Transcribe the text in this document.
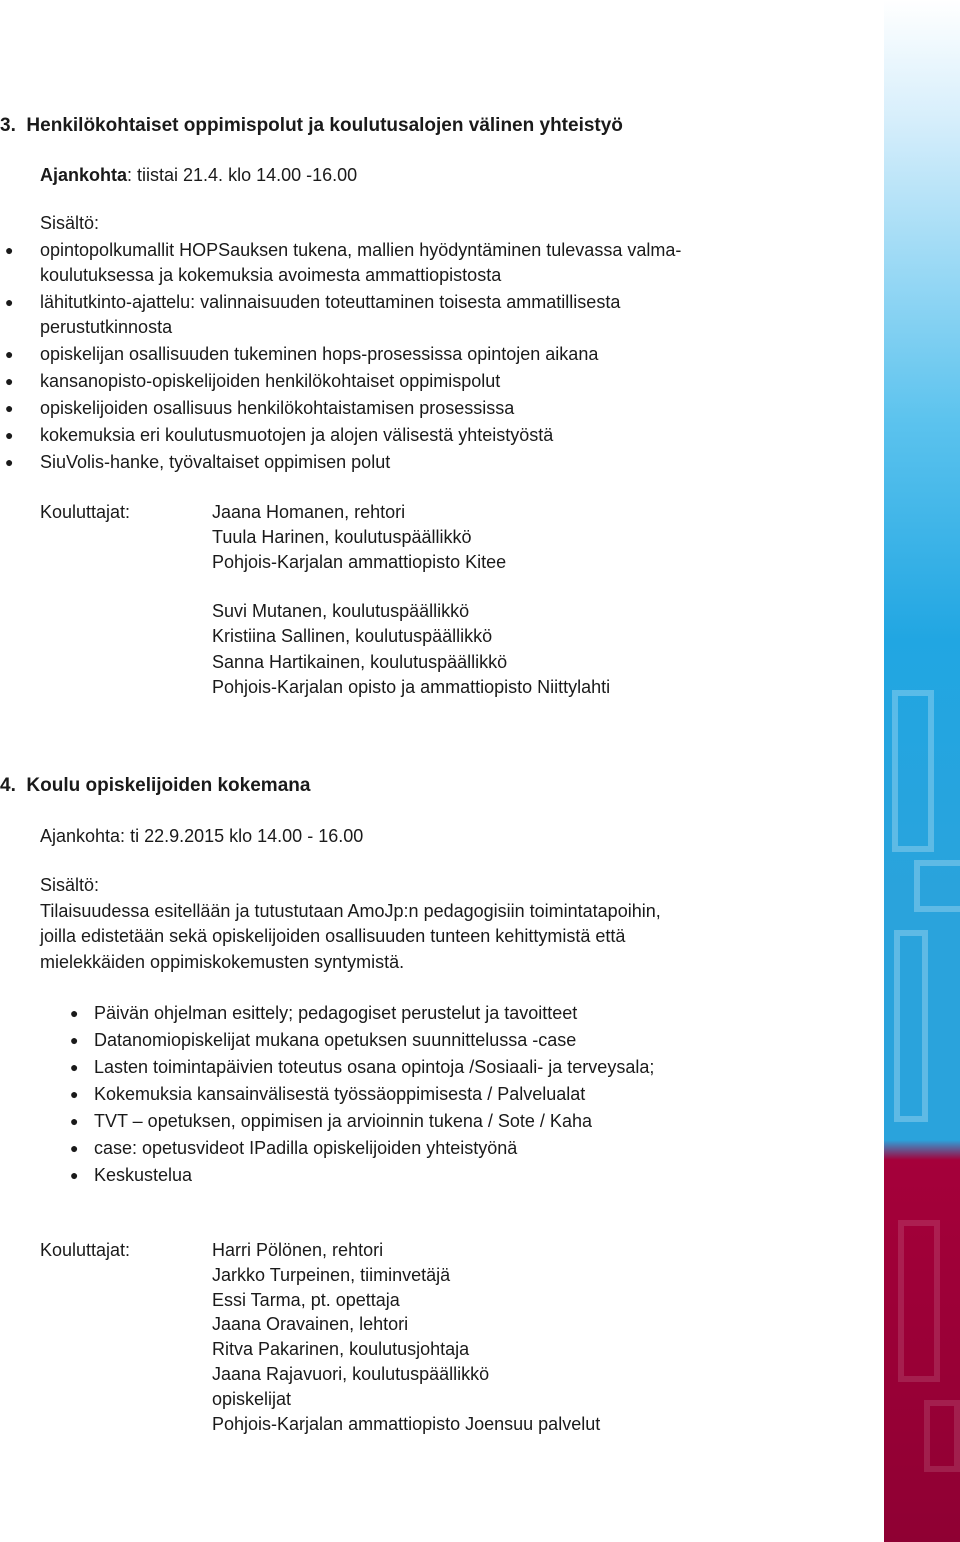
3. Henkilökohtaiset oppimispolut ja koulutusalojen välinen yhteistyö
Ajankohta: tiistai 21.4. klo 14.00 -16.00
Sisältö:
● opintopolkumallit HOPSauksen tukena, mallien hyödyntäminen tulevassa valma-
koulutuksessa ja kokemuksia avoimesta ammattiopistosta
● lähitutkinto-ajattelu: valinnaisuuden toteuttaminen toisesta ammatillisesta
perustutkinnosta
● opiskelijan osallisuuden tukeminen hops-prosessissa opintojen aikana
● kansanopisto-opiskelijoiden henkilökohtaiset oppimispolut
● opiskelijoiden osallisuus henkilökohtaistamisen prosessissa
● kokemuksia eri koulutusmuotojen ja alojen välisestä yhteistyöstä
● SiuVolis-hanke, työvaltaiset oppimisen polut
Kouluttajat:	Jaana Homanen, rehtori
Tuula Harinen, koulutuspäällikkö
Pohjois-Karjalan ammattiopisto Kitee
Suvi Mutanen, koulutuspäällikkö
Kristiina Sallinen, koulutuspäällikkö
Sanna Hartikainen, koulutuspäällikkö
Pohjois-Karjalan opisto ja ammattiopisto Niittylahti
4. Koulu opiskelijoiden kokemana
Ajankohta: ti 22.9.2015 klo 14.00 - 16.00
Sisältö:
Tilaisuudessa esitellään ja tutustutaan AmoJp:n pedagogisiin toimintatapoihin,
joilla edistetään sekä opiskelijoiden osallisuuden tunteen kehittymistä että
mielekkäiden oppimiskokemusten syntymistä.
● Päivän ohjelman esittely; pedagogiset perustelut ja tavoitteet
● Datanomiopiskelijat mukana opetuksen suunnittelussa -case
● Lasten toimintapäivien toteutus osana opintoja /Sosiaali- ja terveysala;
● Kokemuksia kansainvälisestä työssäoppimisesta / Palvelualat
● TVT – opetuksen, oppimisen ja arvioinnin tukena / Sote / Kaha
● case: opetusvideot IPadilla opiskelijoiden yhteistyönä
● Keskustelua
Kouluttajat:	Harri Pölönen, rehtori
Jarkko Turpeinen, tiiminvetäjä
Essi Tarma, pt. opettaja
Jaana Oravainen, lehtori
Ritva Pakarinen, koulutusjohtaja
Jaana Rajavuori, koulutuspäällikkö
opiskelijat
Pohjois-Karjalan ammattiopisto Joensuu palvelut
